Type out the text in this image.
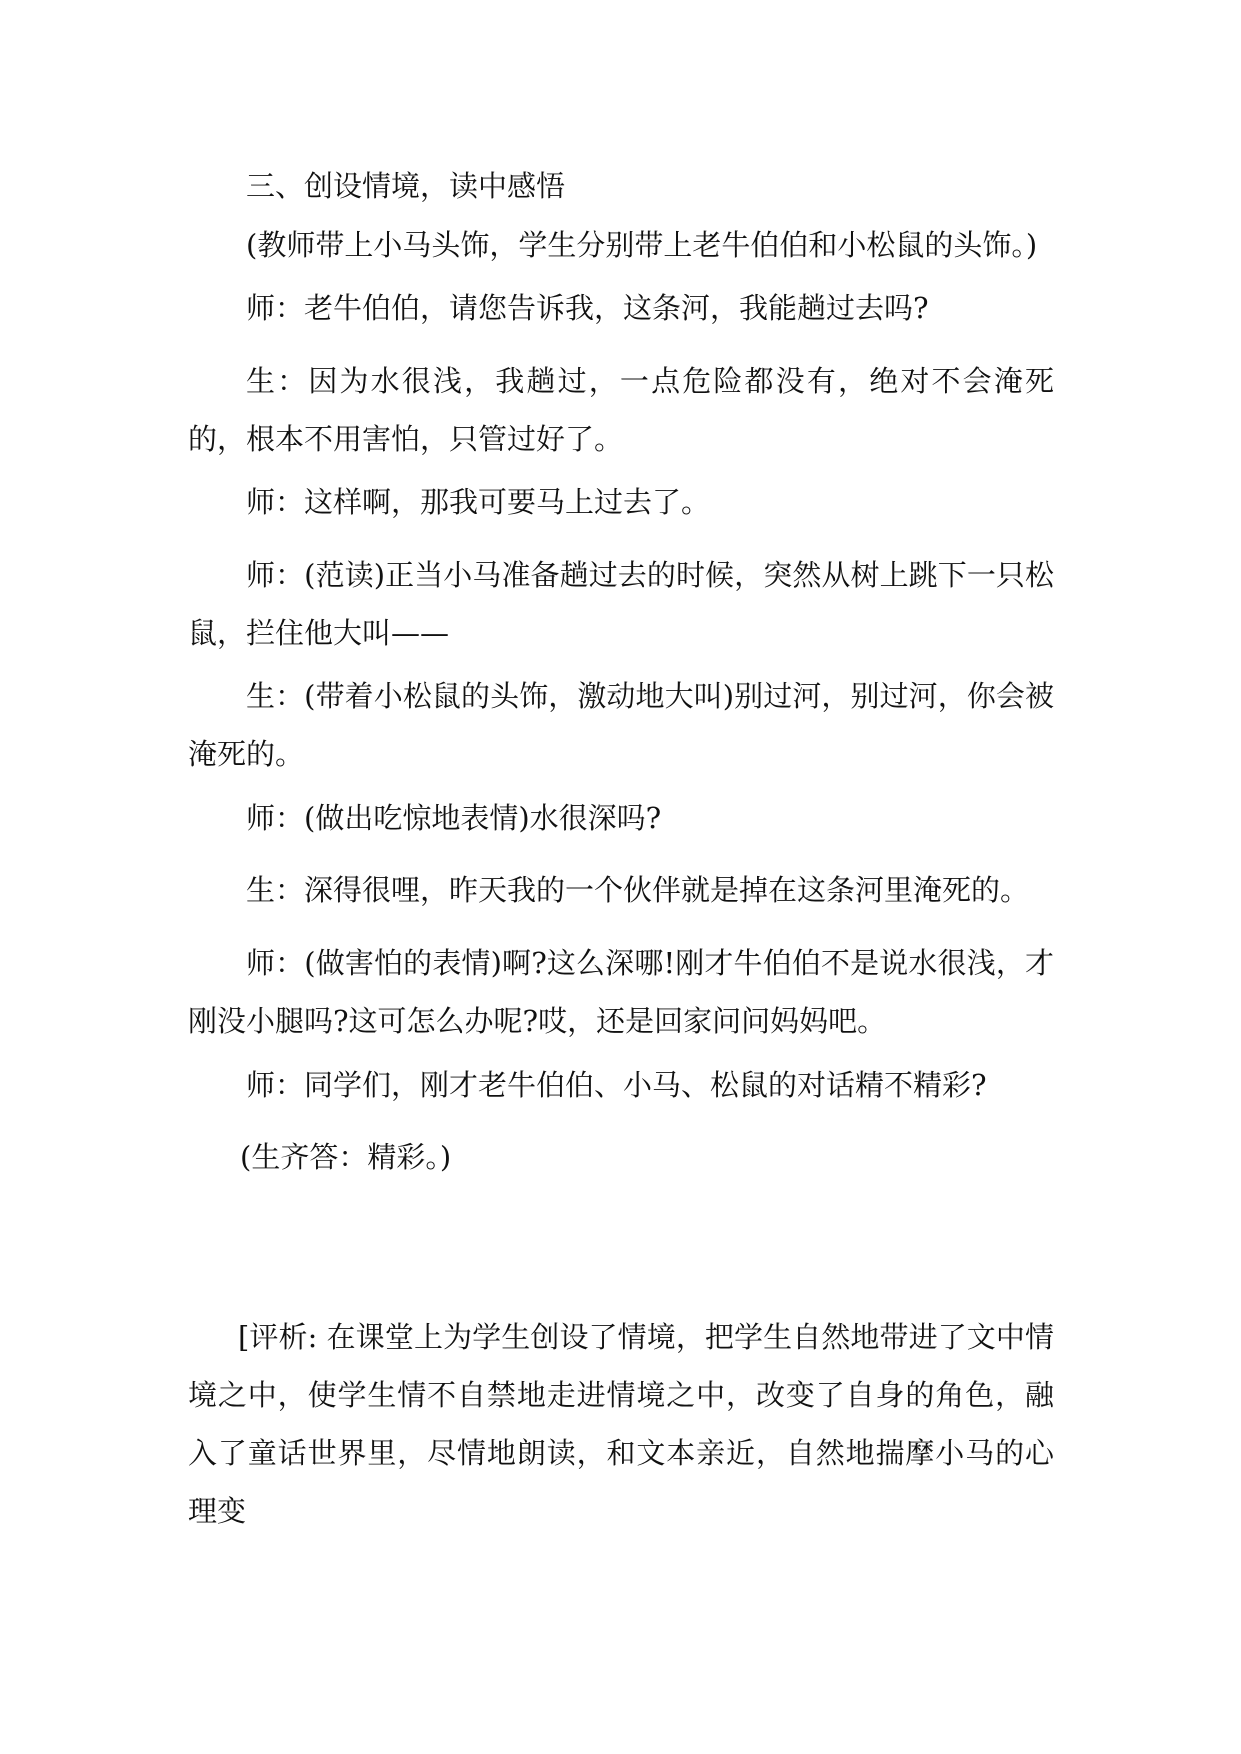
三、创设情境，读中感悟

(教师带上小马头饰，学生分别带上老牛伯伯和小松鼠的头饰。)

师：老牛伯伯，请您告诉我，这条河，我能趟过去吗?

生：因为水很浅，我趟过，一点危险都没有，绝对不会淹死的，根本不用害怕，只管过好了。

师：这样啊，那我可要马上过去了。

师：(范读)正当小马准备趟过去的时候，突然从树上跳下一只松鼠，拦住他大叫——

生：(带着小松鼠的头饰，激动地大叫)别过河，别过河，你会被淹死的。

师：(做出吃惊地表情)水很深吗?

生：深得很哩，昨天我的一个伙伴就是掉在这条河里淹死的。

师：(做害怕的表情)啊?这么深哪!刚才牛伯伯不是说水很浅，才刚没小腿吗?这可怎么办呢?哎，还是回家问问妈妈吧。

师：同学们，刚才老牛伯伯、小马、松鼠的对话精不精彩?

(生齐答：精彩。)

[评析: 在课堂上为学生创设了情境，把学生自然地带进了文中情境之中，使学生情不自禁地走进情境之中，改变了自身的角色，融入了童话世界里，尽情地朗读，和文本亲近，自然地揣摩小马的心理变
